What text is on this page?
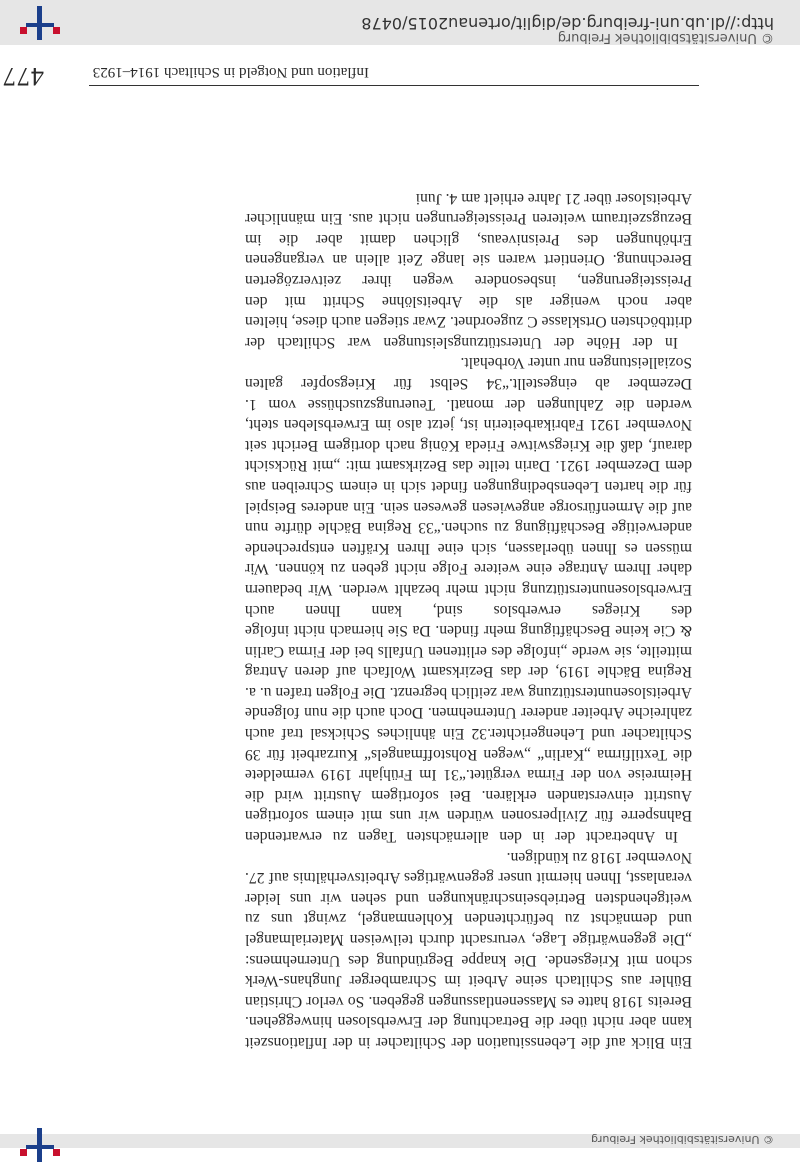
© Universitätsbibliothek Freiburg
Inflation und Notgeld in Schiltach 1914–1923
477

Ein Blick auf die Lebenssituation der Schiltacher in der Inflationszeit kann aber nicht über die Betrachtung der Erwerbslosen hinweggehen. Bereits 1918 hatte es Massenentlassungen gegeben. So verlor Christian Bühler aus Schiltach seine Arbeit im Schramberger Junghans-Werk schon mit Kriegsende. Die knappe Begründung des Unternehmens: „Die gegenwärtige Lage, verursacht durch teilweisen Materialmangel und demnächst zu befürchtenden Kohlenmangel, zwingt uns zu weitgehendsten Betriebseinschränkungen und sehen wir uns leider veranlasst, Ihnen hiermit unser gegenwärtiges Arbeitsverhältnis auf 27. November 1918 zu kündigen.

In Anbetracht der in den allernächsten Tagen zu erwartenden Bahnsperre für Zivilpersonen würden wir uns mit einem sofortigen Austritt einverstanden erklären. Bei sofortigem Austritt wird die Heimreise von der Firma vergütet.“31 Im Frühjahr 1919 vermeldete die Textilfirma „Karlin“ „wegen Rohstoffmangels“ Kurzarbeit für 39 Schiltacher und Lehengerichter.32 Ein ähnliches Schicksal traf auch zahlreiche Arbeiter anderer Unternehmen. Doch auch die nun folgende Arbeitslosenunterstützung war zeitlich begrenzt. Die Folgen trafen u. a. Regina Bächle 1919, der das Bezirksamt Wolfach auf deren Antrag mitteilte, sie werde „infolge des erlittenen Unfalls bei der Firma Carlin & Cie keine Beschäftigung mehr finden. Da Sie hiernach nicht infolge des Krieges erwerbslos sind, kann Ihnen auch Erwerbslosenunterstützung nicht mehr bezahlt werden. Wir bedauern daher Ihrem Antrage eine weitere Folge nicht geben zu können. Wir müssen es Ihnen überlassen, sich eine Ihren Kräften entsprechende anderweitige Beschäftigung zu suchen.“33 Regina Bächle dürfte nun auf die Armenfürsorge angewiesen gewesen sein. Ein anderes Beispiel für die harten Lebensbedingungen findet sich in einem Schreiben aus dem Dezember 1921. Darin teilte das Bezirksamt mit: „mit Rücksicht darauf, daß die Kriegswitwe Frieda König nach dortigem Bericht seit November 1921 Fabrikarbeiterin ist, jetzt also im Erwerbsleben steht, werden die Zahlungen der monatl. Teuerungszuschüsse vom 1. Dezember ab eingestellt.“34 Selbst für Kriegsopfer galten Sozialleistungen nur unter Vorbehalt.

In der Höhe der Unterstützungsleistungen war Schiltach der drittböchsten Ortsklasse C zugeordnet. Zwar stiegen auch diese, hielten aber noch weniger als die Arbeitslöhne Schritt mit den Preissteigerungen, insbesondere wegen ihrer zeitverzögerten Berechnung. Orientiert waren sie lange Zeit allein an vergangenen Erhöhungen des Preisniveaus, glichen damit aber die im Bezugszeitraum weiteren Preissteigerungen nicht aus. Ein männlicher Arbeitsloser über 21 Jahre erhielt am 4. Juni

© Universitätsbibliothek Freiburg
http://dl.ub.uni-freiburg.de/diglit/ortenau2015/0478
